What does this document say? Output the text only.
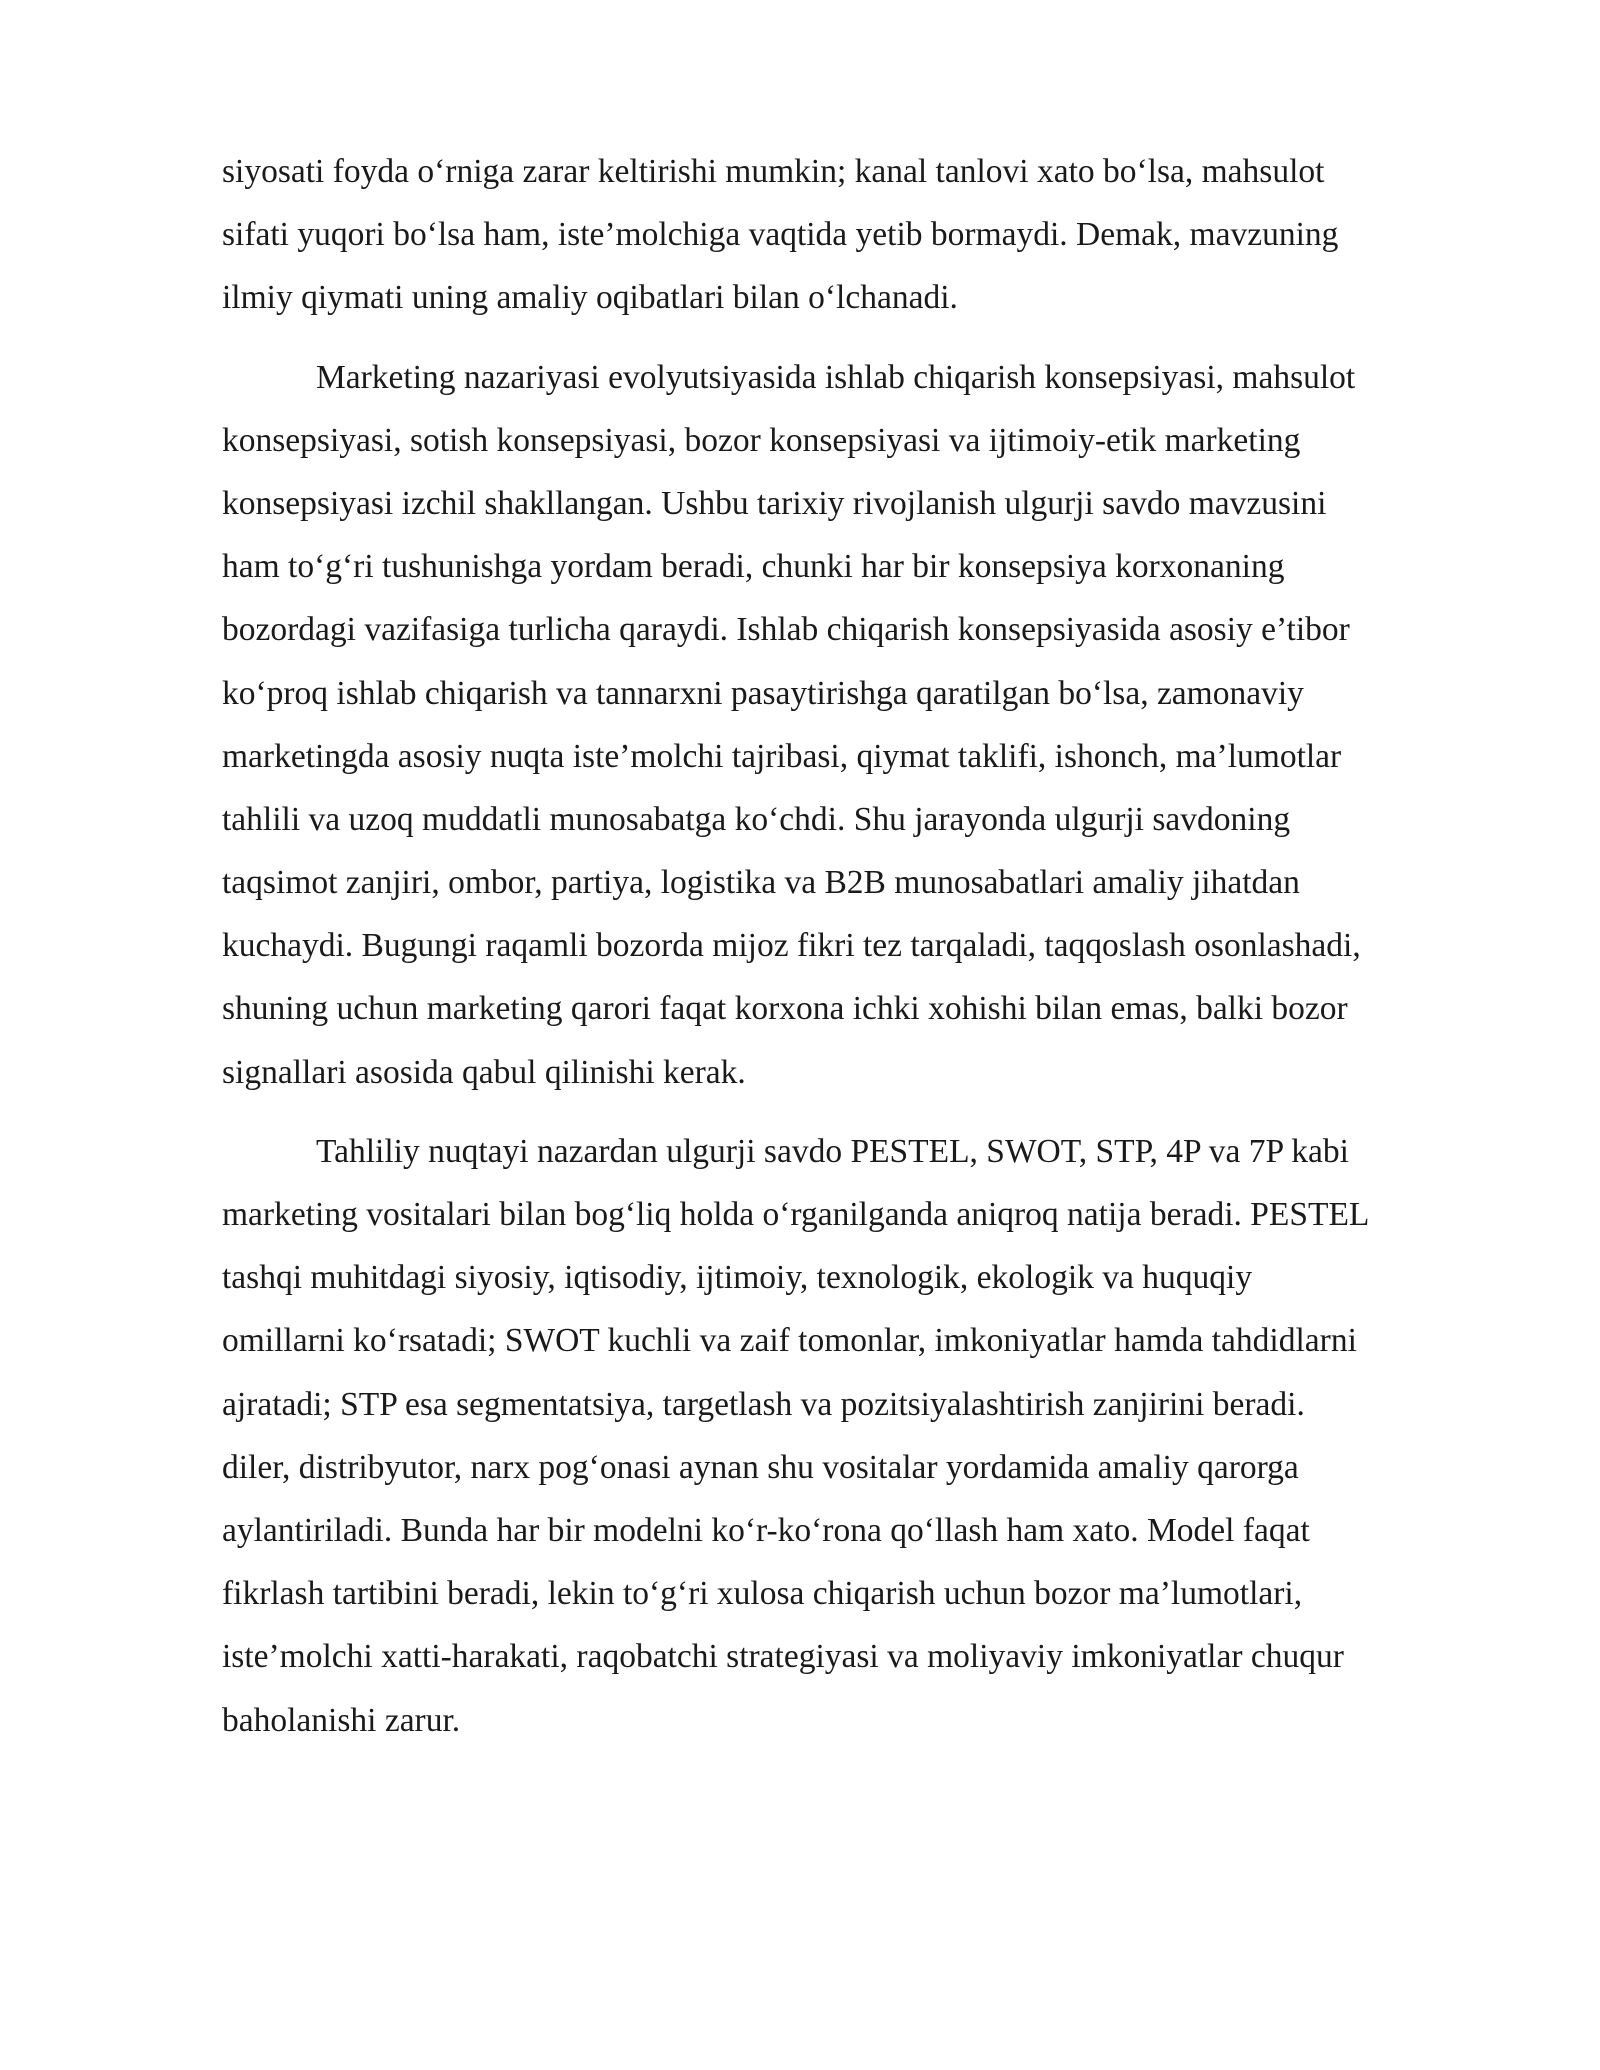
siyosati foyda o‘rniga zarar keltirishi mumkin; kanal tanlovi xato bo‘lsa, mahsulot
sifati yuqori bo‘lsa ham, iste’molchiga vaqtida yetib bormaydi. Demak, mavzuning
ilmiy qiymati uning amaliy oqibatlari bilan o‘lchanadi.

Marketing nazariyasi evolyutsiyasida ishlab chiqarish konsepsiyasi, mahsulot
konsepsiyasi, sotish konsepsiyasi, bozor konsepsiyasi va ijtimoiy-etik marketing
konsepsiyasi izchil shakllangan. Ushbu tarixiy rivojlanish ulgurji savdo mavzusini
ham to‘g‘ri tushunishga yordam beradi, chunki har bir konsepsiya korxonaning
bozordagi vazifasiga turlicha qaraydi. Ishlab chiqarish konsepsiyasida asosiy e’tibor
ko‘proq ishlab chiqarish va tannarxni pasaytirishga qaratilgan bo‘lsa, zamonaviy
marketingda asosiy nuqta iste’molchi tajribasi, qiymat taklifi, ishonch, ma’lumotlar
tahlili va uzoq muddatli munosabatga ko‘chdi. Shu jarayonda ulgurji savdoning
taqsimot zanjiri, ombor, partiya, logistika va B2B munosabatlari amaliy jihatdan
kuchaydi. Bugungi raqamli bozorda mijoz fikri tez tarqaladi, taqqoslash osonlashadi,
shuning uchun marketing qarori faqat korxona ichki xohishi bilan emas, balki bozor
signallari asosida qabul qilinishi kerak.

Tahliliy nuqtayi nazardan ulgurji savdo PESTEL, SWOT, STP, 4P va 7P kabi
marketing vositalari bilan bog‘liq holda o‘rganilganda aniqroq natija beradi. PESTEL
tashqi muhitdagi siyosiy, iqtisodiy, ijtimoiy, texnologik, ekologik va huquqiy
omillarni ko‘rsatadi; SWOT kuchli va zaif tomonlar, imkoniyatlar hamda tahdidlarni
ajratadi; STP esa segmentatsiya, targetlash va pozitsiyalashtirish zanjirini beradi.
diler, distribyutor, narx pog‘onasi aynan shu vositalar yordamida amaliy qarorga
aylantiriladi. Bunda har bir modelni ko‘r-ko‘rona qo‘llash ham xato. Model faqat
fikrlash tartibini beradi, lekin to‘g‘ri xulosa chiqarish uchun bozor ma’lumotlari,
iste’molchi xatti-harakati, raqobatchi strategiyasi va moliyaviy imkoniyatlar chuqur
baholanishi zarur.
